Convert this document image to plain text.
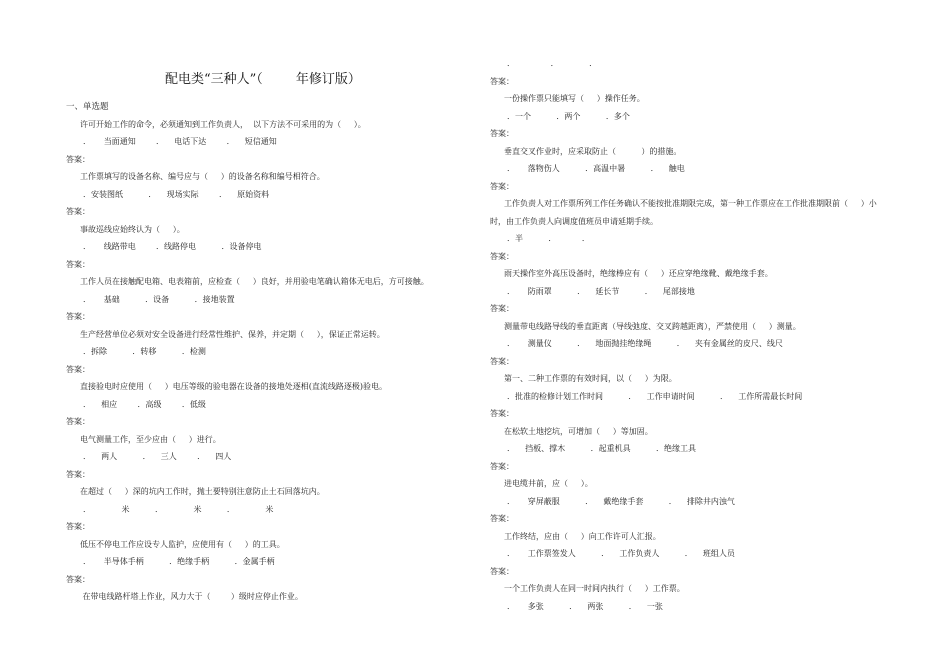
配电类“三种人”（        年修订版）
一、单选题
许可开始工作的命令，必须通知到工作负责人，  以下方法不可采用的为（     ）。
．     当面通知        ．    电话下达        ．    短信通知
答案：
工作票填写的设备名称、编号应与（     ）的设备名称和编号相符合。
．安装图纸          ．    现场实际        ．    原始资料
答案：
事故巡线应始终认为（     ）。
．     线路带电        ．线路停电          ．设备停电
答案：
工作人员在接触配电箱、电表箱前，应检查（     ）良好，并用验电笔确认箱体无电后，方可接触。
．     基础          ．设备          ．接地装置
答案：
生产经营单位必须对安全设备进行经常性维护、保养，并定期（     ），保证正常运转。
．拆除          ．转移          ．检测
答案：
直接验电时应使用（     ）电压等级的验电器在设备的接地处逐相(直流线路逐极)验电。
．    相应        ．高级        ．低级
答案：
电气测量工作，至少应由（     ）进行。
．    两人          ．    三人        ．    四人
答案：
在超过（     ）深的坑内工作时，抛土要特别注意防止土石回落坑内。
．            米          ．            米          ．            米
答案：
低压不停电工作应设专人监护，应使用有（     ）的工具。
．     半导体手柄          ．绝缘手柄          ．金属手柄
答案：
在带电线路杆塔上作业，风力大于（        ）级时应停止作业。
．              ．            ．
答案：
一份操作票只能填写（     ）操作任务。
．一个          ．两个          ．多个
答案：
垂直交叉作业时，应采取防止（          ）的措施。
．     落物伤人          ．高温中暑          ．    触电
答案：
工作负责人对工作票所列工作任务确认不能按批准期限完成，第一种工作票应在工作批准期限前（     ）小
时，由工作负责人向调度值班员申请延期手续。
．半          ．          ．
答案：
雨天操作室外高压设备时，绝缘棒应有（     ）还应穿绝缘靴、戴绝缘手套。
．     防雨罩          ．    延长节          ．    尾部接地
答案：
测量带电线路导线的垂直距离（导线弛度、交叉跨越距离），严禁使用（     ）测量。
．     测量仪          ．    地面抛挂绝缘绳          ．    夹有金属丝的皮尺、线尺
答案：
第一、二种工作票的有效时间，以（     ）为限。
．批准的检修计划工作时间          ．    工作申请时间          ．    工作所需最长时间
答案：
在松软土地挖坑，可增加（     ）等加固。
．    挡板、撑木          ．起重机具          ．绝缘工具
答案：
进电缆井前，应（     ）。
．     穿屏蔽服          ．    戴绝缘手套          ．    排除井内浊气
答案：
工作终结，应由（     ）向工作许可人汇报。
．     工作票签发人          ．    工作负责人          ．    班组人员
答案：
一个工作负责人在同一时间内执行（     ）工作票。
．     多张          ．    两张          ．    一张
